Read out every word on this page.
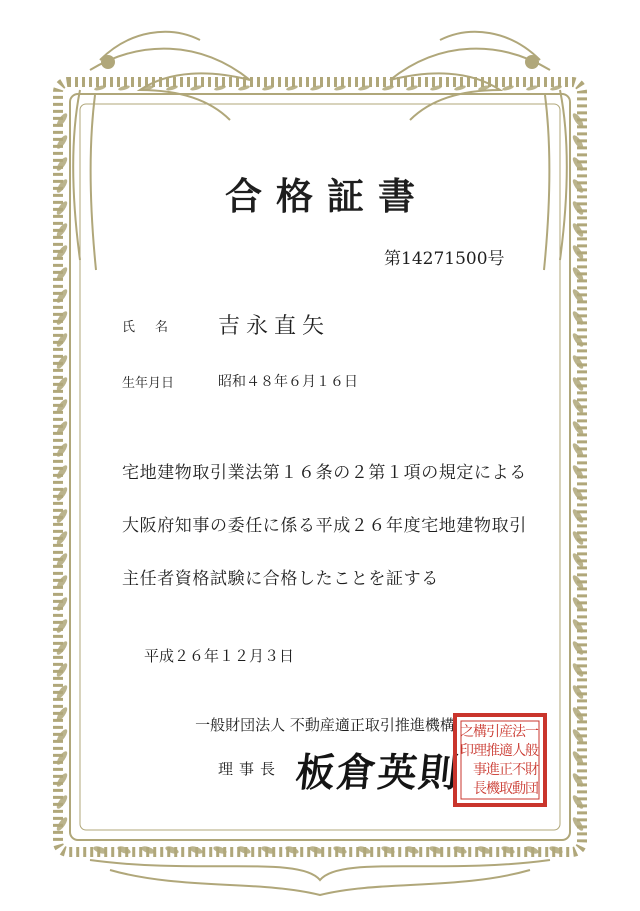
合格証書
第14271500号
氏名 吉永直矢
生年月日	昭和４８年６月１６日
宅地建物取引業法第１６条の２第１項の規定による
大阪府知事の委任に係る平成２６年度宅地建物取引
主任者資格試験に合格したことを証する
平成２６年１２月３日
一般財団法人 不動産適正取引推進機構
理事長 板倉英則
一
般
財
団
法
人
不
動
産
適
正
取
引
推
進
機
構
理
事
長
之
印
